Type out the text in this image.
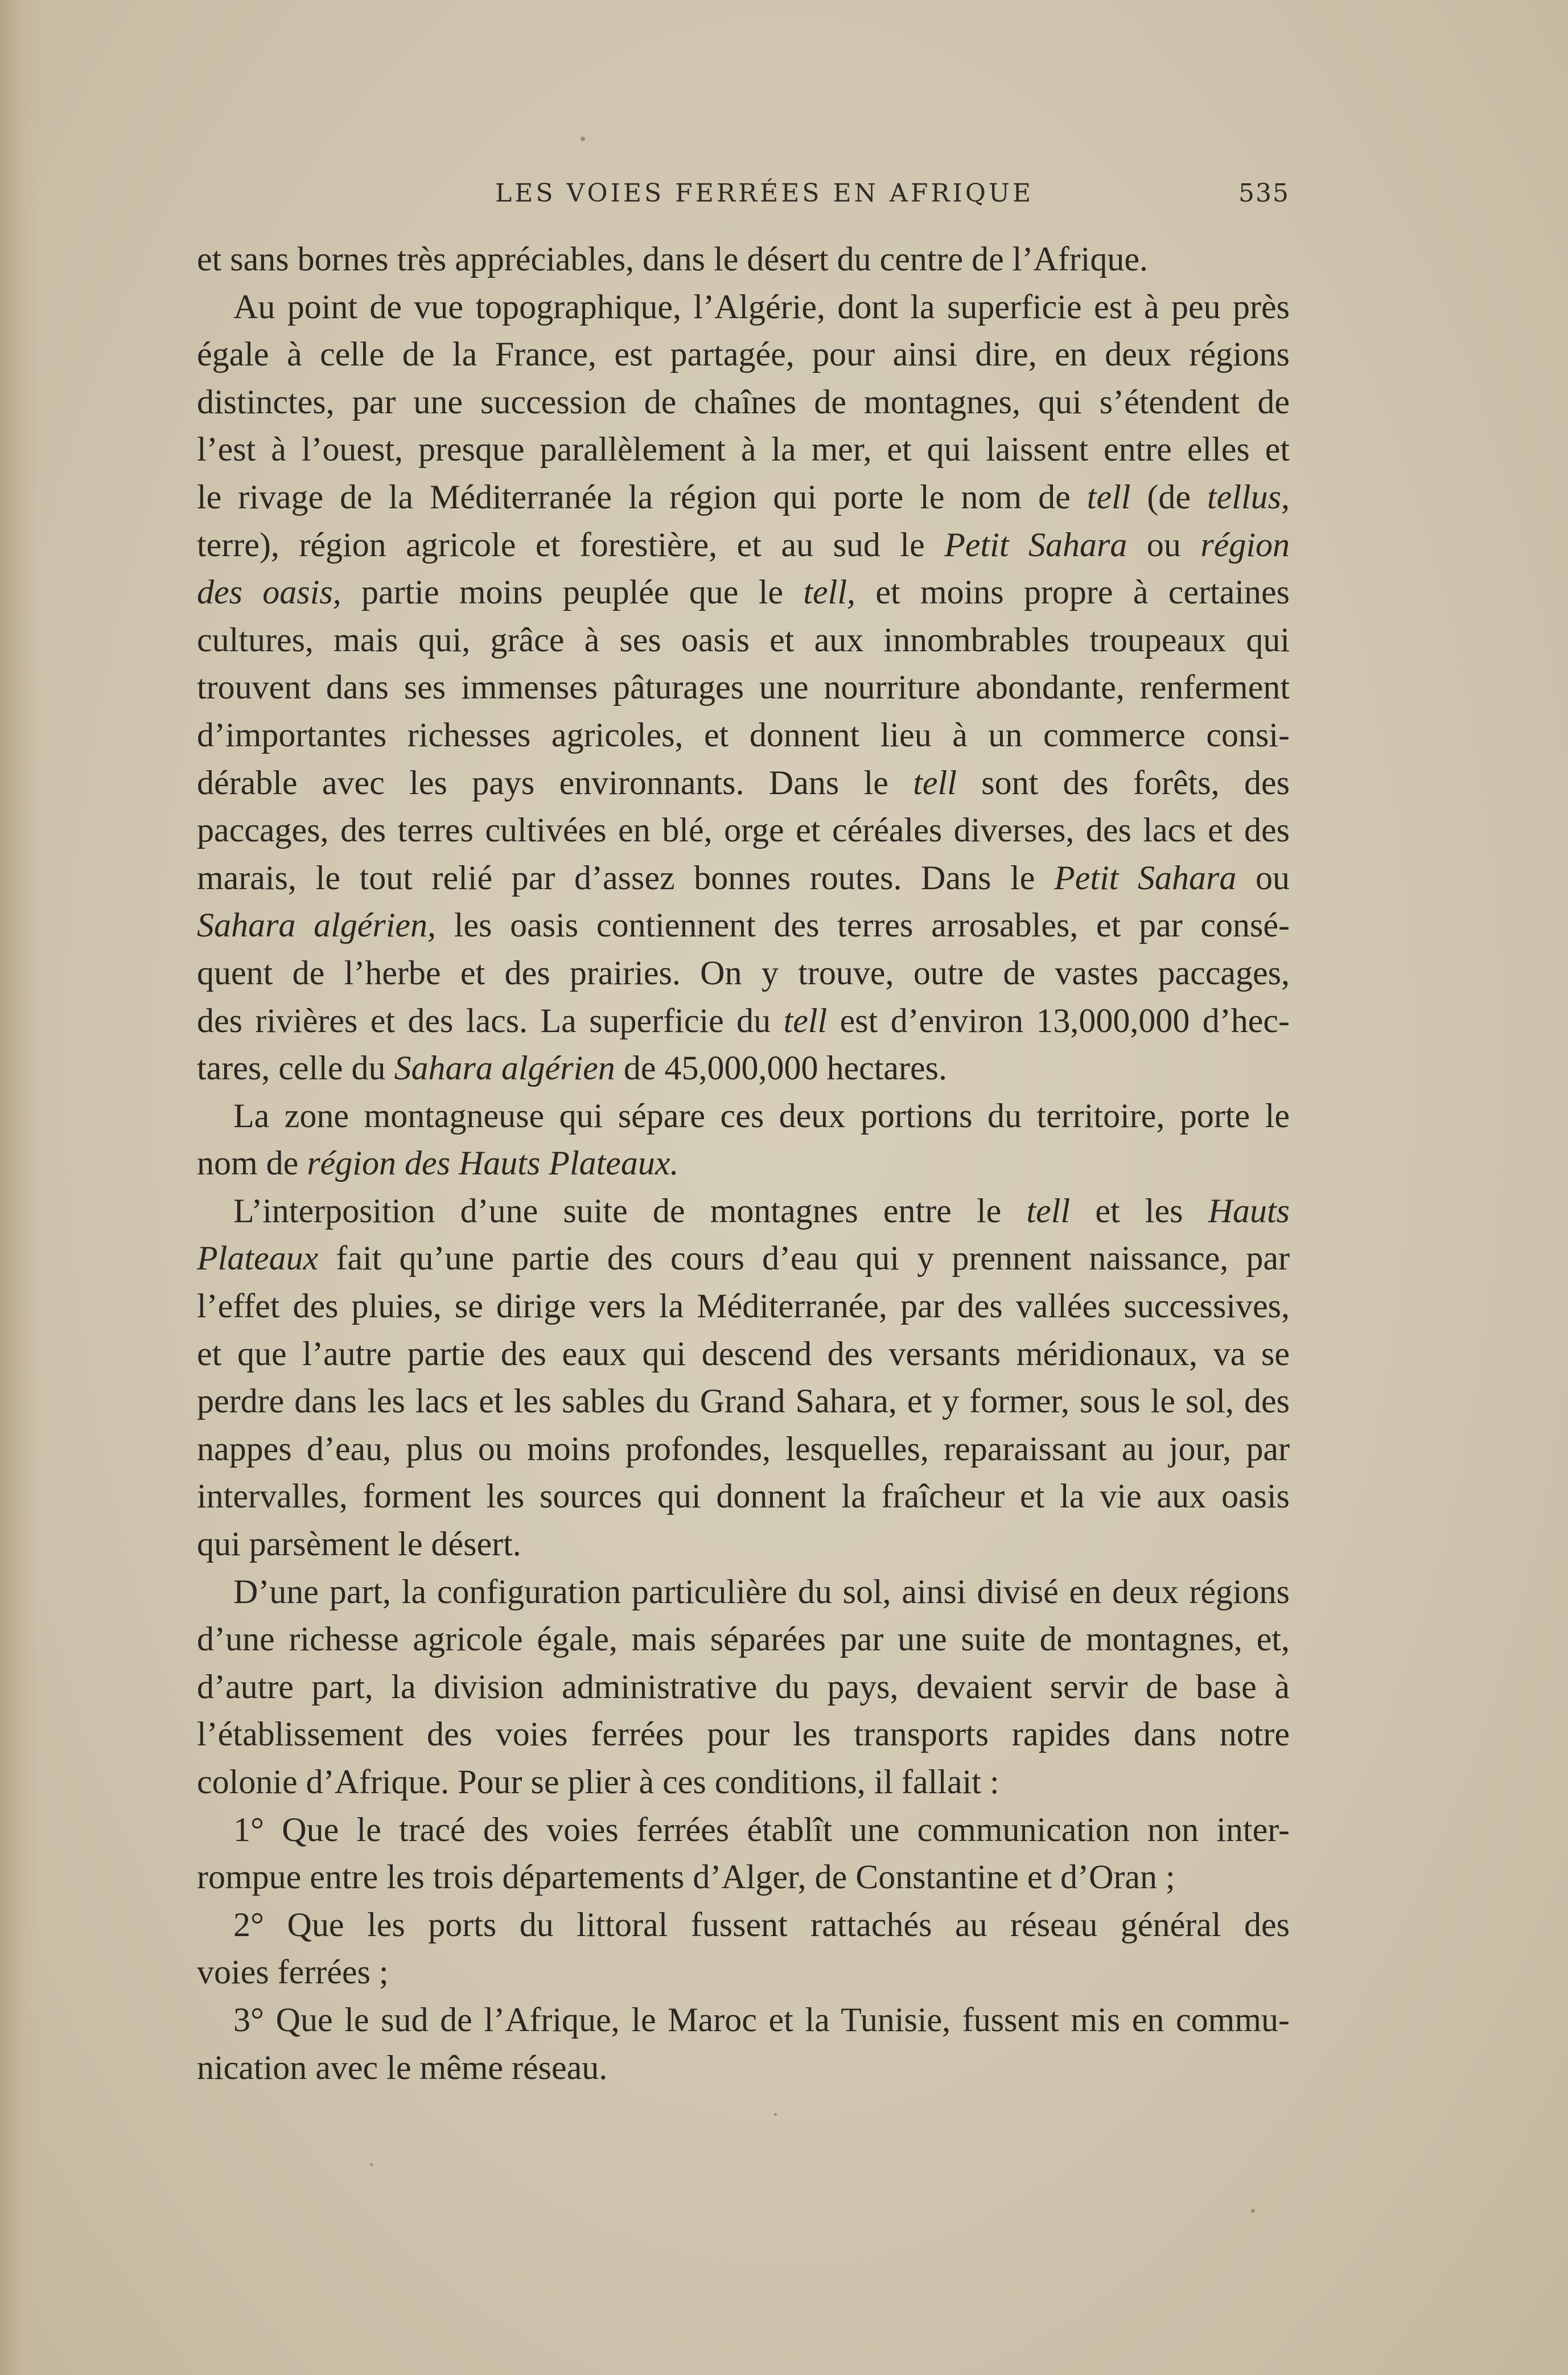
LES VOIES FERRÉES EN AFRIQUE	535

et sans bornes très appréciables, dans le désert du centre de l’Afrique.

Au point de vue topographique, l’Algérie, dont la superficie est à peu près
égale à celle de la France, est partagée, pour ainsi dire, en deux régions
distinctes, par une succession de chaînes de montagnes, qui s’étendent de
l’est à l’ouest, presque parallèlement à la mer, et qui laissent entre elles et
le rivage de la Méditerranée la région qui porte le nom de tell (de tellus,
terre), région agricole et forestière, et au sud le Petit Sahara ou région
des oasis, partie moins peuplée que le tell, et moins propre à certaines
cultures, mais qui, grâce à ses oasis et aux innombrables troupeaux qui
trouvent dans ses immenses pâturages une nourriture abondante, renferment
d’importantes richesses agricoles, et donnent lieu à un commerce consi-
dérable avec les pays environnants. Dans le tell sont des forêts, des
paccages, des terres cultivées en blé, orge et céréales diverses, des lacs et des
marais, le tout relié par d’assez bonnes routes. Dans le Petit Sahara ou
Sahara algérien, les oasis contiennent des terres arrosables, et par consé-
quent de l’herbe et des prairies. On y trouve, outre de vastes paccages,
des rivières et des lacs. La superficie du tell est d’environ 13,000,000 d’hec-
tares, celle du Sahara algérien de 45,000,000 hectares.

La zone montagneuse qui sépare ces deux portions du territoire, porte le
nom de région des Hauts Plateaux.

L’interposition d’une suite de montagnes entre le tell et les Hauts
Plateaux fait qu’une partie des cours d’eau qui y prennent naissance, par
l’effet des pluies, se dirige vers la Méditerranée, par des vallées successives,
et que l’autre partie des eaux qui descend des versants méridionaux, va se
perdre dans les lacs et les sables du Grand Sahara, et y former, sous le sol, des
nappes d’eau, plus ou moins profondes, lesquelles, reparaissant au jour, par
intervalles, forment les sources qui donnent la fraîcheur et la vie aux oasis
qui parsèment le désert.

D’une part, la configuration particulière du sol, ainsi divisé en deux régions
d’une richesse agricole égale, mais séparées par une suite de montagnes, et,
d’autre part, la division administrative du pays, devaient servir de base à
l’établissement des voies ferrées pour les transports rapides dans notre
colonie d’Afrique. Pour se plier à ces conditions, il fallait :

1° Que le tracé des voies ferrées établît une communication non inter-
rompue entre les trois départements d’Alger, de Constantine et d’Oran ;

2° Que les ports du littoral fussent rattachés au réseau général des
voies ferrées ;

3° Que le sud de l’Afrique, le Maroc et la Tunisie, fussent mis en commu-
nication avec le même réseau.
